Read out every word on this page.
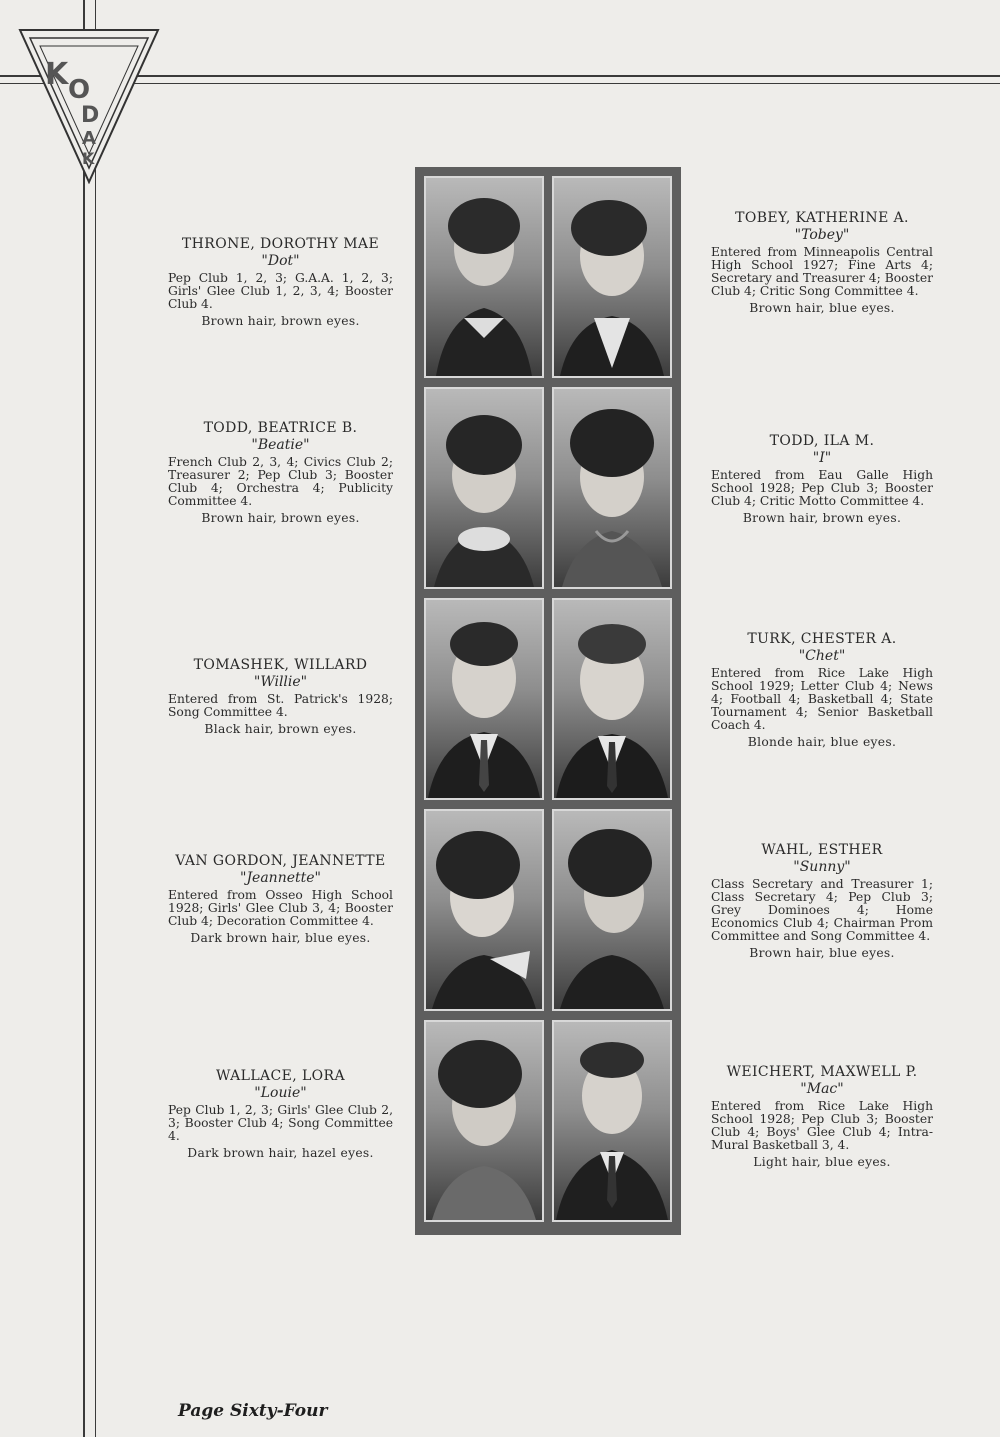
K O
D
A
K
THRONE, DOROTHY MAE
"Dot"
Pep Club 1, 2, 3; G.A.A. 1, 2, 3; Girls' Glee Club 1, 2, 3, 4; Booster Club 4.
Brown hair, brown eyes.
TODD, BEATRICE B.
"Beatie"
French Club 2, 3, 4; Civics Club 2; Treasurer 2; Pep Club 3; Booster Club 4; Orchestra 4; Publicity Committee 4.
Brown hair, brown eyes.
TOMASHEK, WILLARD
"Willie"
Entered from St. Patrick's 1928; Song Committee 4.
Black hair, brown eyes.
VAN GORDON, JEANNETTE
"Jeannette"
Entered from Osseo High School 1928; Girls' Glee Club 3, 4; Booster Club 4; Decoration Committee 4.
Dark brown hair, blue eyes.
WALLACE, LORA
"Louie"
Pep Club 1, 2, 3; Girls' Glee Club 2, 3; Booster Club 4; Song Committee 4.
Dark brown hair, hazel eyes.
TOBEY, KATHERINE A.
"Tobey"
Entered from Minneapolis Central High School 1927; Fine Arts 4; Secretary and Treasurer 4; Booster Club 4; Critic Song Committee 4.
Brown hair, blue eyes.
TODD, ILA M.
"I"
Entered from Eau Galle High School 1928; Pep Club 3; Booster Club 4; Critic Motto Committee 4.
Brown hair, brown eyes.
TURK, CHESTER A.
"Chet"
Entered from Rice Lake High School 1929; Letter Club 4; News 4; Football 4; Basketball 4; State Tournament 4; Senior Basketball Coach 4.
Blonde hair, blue eyes.
WAHL, ESTHER
"Sunny"
Class Secretary and Treasurer 1; Class Secretary 4; Pep Club 3; Grey Dominoes 4; Home Economics Club 4; Chairman Prom Committee and Song Committee 4.
Brown hair, blue eyes.
WEICHERT, MAXWELL P.
"Mac"
Entered from Rice Lake High School 1928; Pep Club 3; Booster Club 4; Boys' Glee Club 4; Intra-Mural Basketball 3, 4.
Light hair, blue eyes.
Page Sixty-Four
